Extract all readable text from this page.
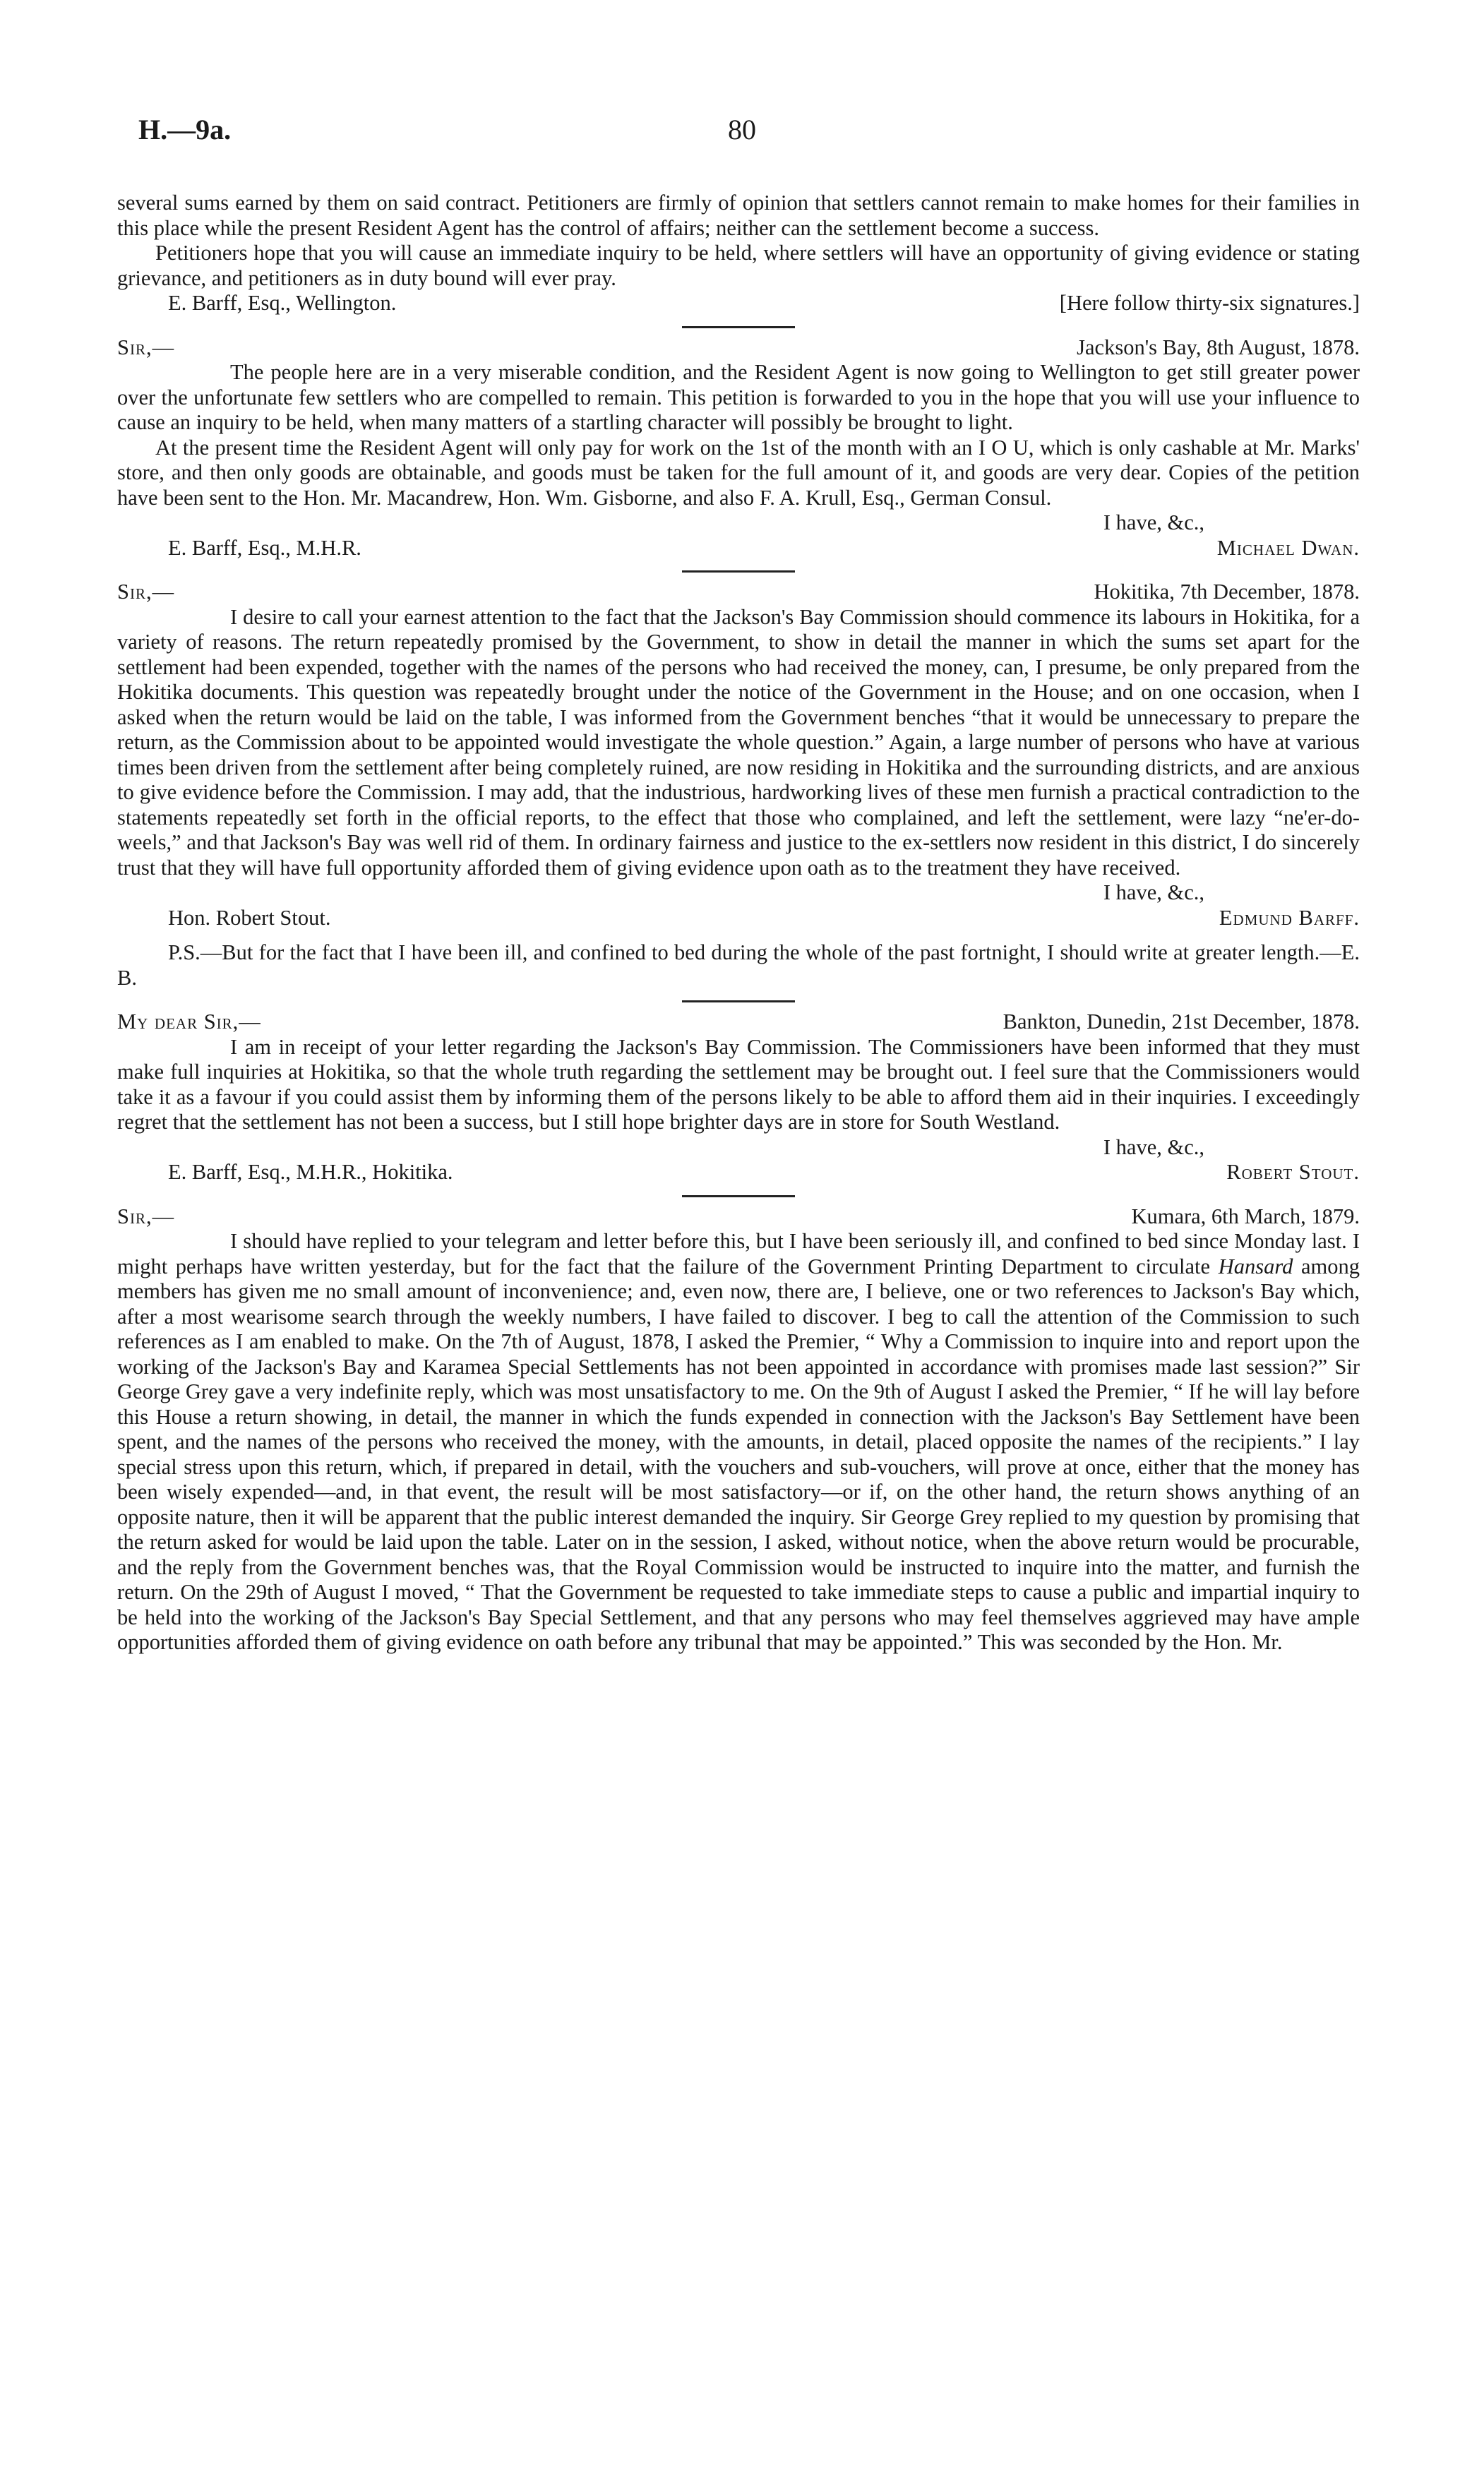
H.—9a.	80

several sums earned by them on said contract. Petitioners are firmly of opinion that settlers cannot remain to make homes for their families in this place while the present Resident Agent has the control of affairs; neither can the settlement become a success.

Petitioners hope that you will cause an immediate inquiry to be held, where settlers will have an opportunity of giving evidence or stating grievance, and petitioners as in duty bound will ever pray.

E. Barff, Esq., Wellington.	[Here follow thirty-six signatures.]
Sir,—	Jackson's Bay, 8th August, 1878.

The people here are in a very miserable condition, and the Resident Agent is now going to Wellington to get still greater power over the unfortunate few settlers who are compelled to remain. This petition is forwarded to you in the hope that you will use your influence to cause an inquiry to be held, when many matters of a startling character will possibly be brought to light.

At the present time the Resident Agent will only pay for work on the 1st of the month with an I O U, which is only cashable at Mr. Marks' store, and then only goods are obtainable, and goods must be taken for the full amount of it, and goods are very dear. Copies of the petition have been sent to the Hon. Mr. Macandrew, Hon. Wm. Gisborne, and also F. A. Krull, Esq., German Consul.

I have, &c.,
E. Barff, Esq., M.H.R.	Michael Dwan.
Sir,—	Hokitika, 7th December, 1878.

I desire to call your earnest attention to the fact that the Jackson's Bay Commission should commence its labours in Hokitika, for a variety of reasons. The return repeatedly promised by the Government, to show in detail the manner in which the sums set apart for the settlement had been expended, together with the names of the persons who had received the money, can, I presume, be only prepared from the Hokitika documents. This question was repeatedly brought under the notice of the Government in the House; and on one occasion, when I asked when the return would be laid on the table, I was informed from the Government benches “that it would be unnecessary to prepare the return, as the Commission about to be appointed would investigate the whole question.” Again, a large number of persons who have at various times been driven from the settlement after being completely ruined, are now residing in Hokitika and the surrounding districts, and are anxious to give evidence before the Commission. I may add, that the industrious, hardworking lives of these men furnish a practical contradiction to the statements repeatedly set forth in the official reports, to the effect that those who complained, and left the settlement, were lazy “ne'er-do-weels,” and that Jackson's Bay was well rid of them. In ordinary fairness and justice to the ex-settlers now resident in this district, I do sincerely trust that they will have full opportunity afforded them of giving evidence upon oath as to the treatment they have received.

I have, &c.,
Hon. Robert Stout.	Edmund Barff.

P.S.—But for the fact that I have been ill, and confined to bed during the whole of the past fortnight, I should write at greater length.—E. B.

My dear Sir,—	Bankton, Dunedin, 21st December, 1878.

I am in receipt of your letter regarding the Jackson's Bay Commission. The Commissioners have been informed that they must make full inquiries at Hokitika, so that the whole truth regarding the settlement may be brought out. I feel sure that the Commissioners would take it as a favour if you could assist them by informing them of the persons likely to be able to afford them aid in their inquiries. I exceedingly regret that the settlement has not been a success, but I still hope brighter days are in store for South Westland.

I have, &c.,
E. Barff, Esq., M.H.R., Hokitika.	Robert Stout.
Sir,—	Kumara, 6th March, 1879.

I should have replied to your telegram and letter before this, but I have been seriously ill, and confined to bed since Monday last. I might perhaps have written yesterday, but for the fact that the failure of the Government Printing Department to circulate Hansard among members has given me no small amount of inconvenience; and, even now, there are, I believe, one or two references to Jackson's Bay which, after a most wearisome search through the weekly numbers, I have failed to discover. I beg to call the attention of the Commission to such references as I am enabled to make. On the 7th of August, 1878, I asked the Premier, “ Why a Commission to inquire into and report upon the working of the Jackson's Bay and Karamea Special Settlements has not been appointed in accordance with promises made last session?” Sir George Grey gave a very indefinite reply, which was most unsatisfactory to me. On the 9th of August I asked the Premier, “ If he will lay before this House a return showing, in detail, the manner in which the funds expended in connection with the Jackson's Bay Settlement have been spent, and the names of the persons who received the money, with the amounts, in detail, placed opposite the names of the recipients.” I lay special stress upon this return, which, if prepared in detail, with the vouchers and sub-vouchers, will prove at once, either that the money has been wisely expended—and, in that event, the result will be most satisfactory—or if, on the other hand, the return shows anything of an opposite nature, then it will be apparent that the public interest demanded the inquiry. Sir George Grey replied to my question by promising that the return asked for would be laid upon the table. Later on in the session, I asked, without notice, when the above return would be procurable, and the reply from the Government benches was, that the Royal Commission would be instructed to inquire into the matter, and furnish the return. On the 29th of August I moved, “ That the Government be requested to take immediate steps to cause a public and impartial inquiry to be held into the working of the Jackson's Bay Special Settlement, and that any persons who may feel themselves aggrieved may have ample opportunities afforded them of giving evidence on oath before any tribunal that may be appointed.” This was seconded by the Hon. Mr.
